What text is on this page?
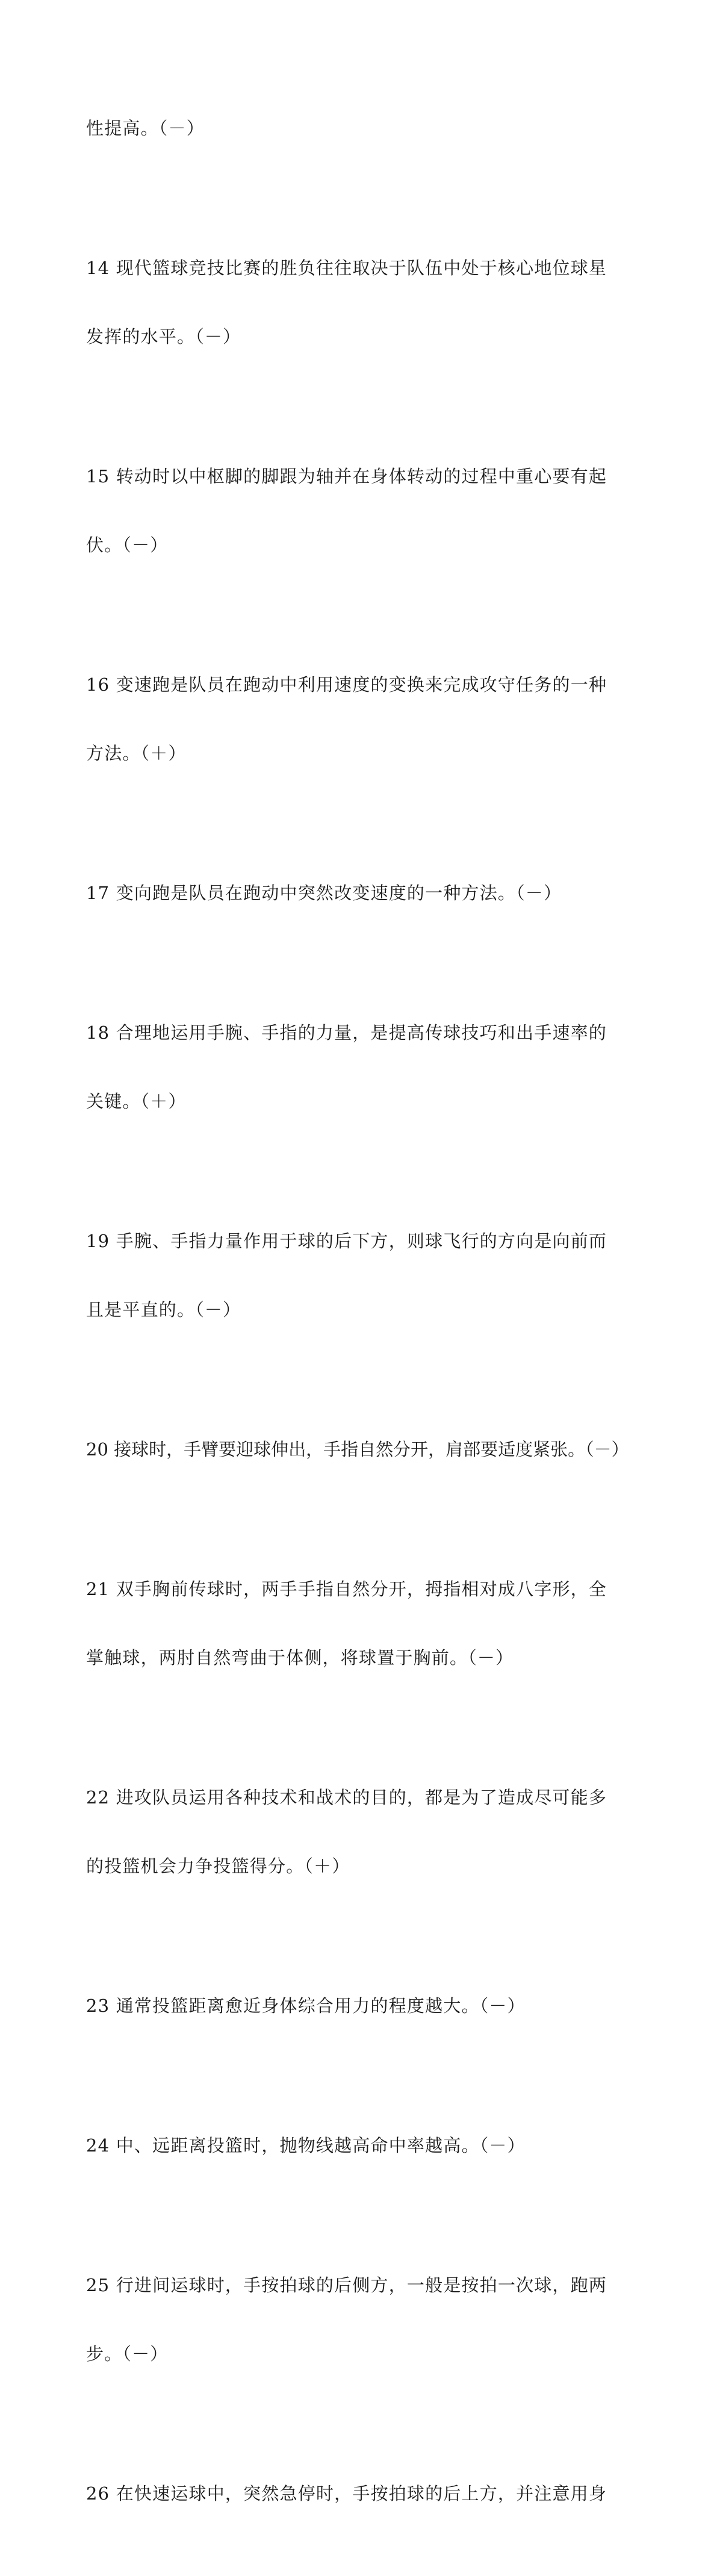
性提高。（－）

14 现代篮球竞技比赛的胜负往往取决于队伍中处于核心地位球星

发挥的水平。（－）

15 转动时以中枢脚的脚跟为轴并在身体转动的过程中重心要有起

伏。（－）

16 变速跑是队员在跑动中利用速度的变换来完成攻守任务的一种

方法。（＋）

17 变向跑是队员在跑动中突然改变速度的一种方法。（－）

18 合理地运用手腕、手指的力量，是提高传球技巧和出手速率的

关键。（＋）

19 手腕、手指力量作用于球的后下方，则球飞行的方向是向前而

且是平直的。（－）

20 接球时，手臂要迎球伸出，手指自然分开，肩部要适度紧张。（－）

21 双手胸前传球时，两手手指自然分开，拇指相对成八字形，全

掌触球，两肘自然弯曲于体侧，将球置于胸前。（－）

22 进攻队员运用各种技术和战术的目的，都是为了造成尽可能多

的投篮机会力争投篮得分。（＋）

23 通常投篮距离愈近身体综合用力的程度越大。（－）

24 中、远距离投篮时，抛物线越高命中率越高。（－）

25 行进间运球时，手按拍球的后侧方，一般是按拍一次球，跑两

步。（－）

26 在快速运球中，突然急停时，手按拍球的后上方，并注意用身
